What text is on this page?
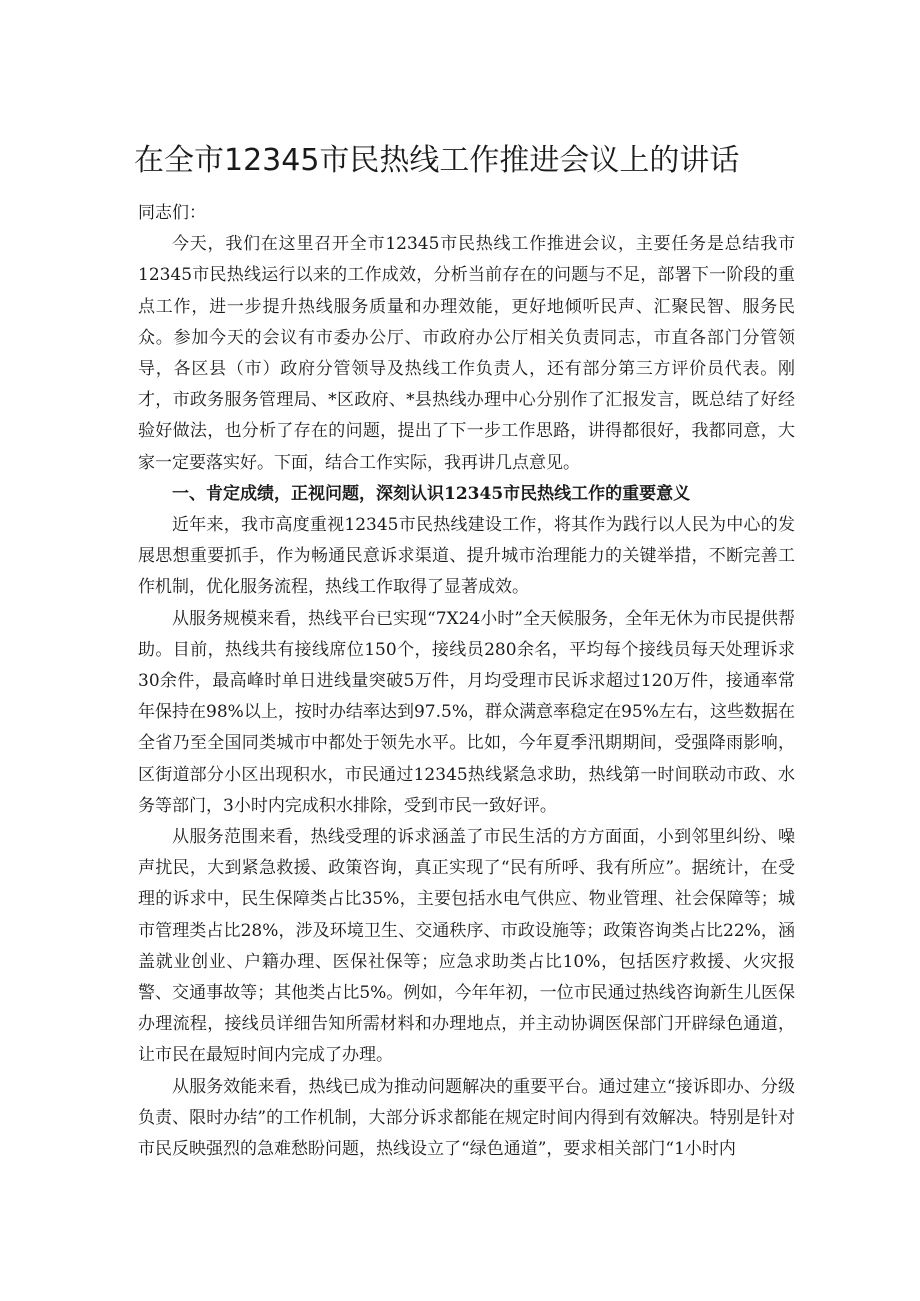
在全市12345市民热线工作推进会议上的讲话

同志们：

今天，我们在这里召开全市12345市民热线工作推进会议，主要任务是总结我市12345市民热线运行以来的工作成效，分析当前存在的问题与不足，部署下一阶段的重点工作，进一步提升热线服务质量和办理效能，更好地倾听民声、汇聚民智、服务民众。参加今天的会议有市委办公厅、市政府办公厅相关负责同志，市直各部门分管领导，各区县（市）政府分管领导及热线工作负责人，还有部分第三方评价员代表。刚才，市政务服务管理局、*区政府、*县热线办理中心分别作了汇报发言，既总结了好经验好做法，也分析了存在的问题，提出了下一步工作思路，讲得都很好，我都同意，大家一定要落实好。下面，结合工作实际，我再讲几点意见。

一、肯定成绩，正视问题，深刻认识12345市民热线工作的重要意义

近年来，我市高度重视12345市民热线建设工作，将其作为践行以人民为中心的发展思想重要抓手，作为畅通民意诉求渠道、提升城市治理能力的关键举措，不断完善工作机制，优化服务流程，热线工作取得了显著成效。

从服务规模来看，热线平台已实现“7X24小时”全天候服务，全年无休为市民提供帮助。目前，热线共有接线席位150个，接线员280余名，平均每个接线员每天处理诉求30余件，最高峰时单日进线量突破5万件，月均受理市民诉求超过120万件，接通率常年保持在98%以上，按时办结率达到97.5%，群众满意率稳定在95%左右，这些数据在全省乃至全国同类城市中都处于领先水平。比如，今年夏季汛期期间，受强降雨影响，区街道部分小区出现积水，市民通过12345热线紧急求助，热线第一时间联动市政、水务等部门，3小时内完成积水排除，受到市民一致好评。

从服务范围来看，热线受理的诉求涵盖了市民生活的方方面面，小到邻里纠纷、噪声扰民，大到紧急救援、政策咨询，真正实现了“民有所呼、我有所应”。据统计，在受理的诉求中，民生保障类占比35%，主要包括水电气供应、物业管理、社会保障等；城市管理类占比28%，涉及环境卫生、交通秩序、市政设施等；政策咨询类占比22%，涵盖就业创业、户籍办理、医保社保等；应急求助类占比10%，包括医疗救援、火灾报警、交通事故等；其他类占比5%。例如，今年年初，一位市民通过热线咨询新生儿医保办理流程，接线员详细告知所需材料和办理地点，并主动协调医保部门开辟绿色通道，让市民在最短时间内完成了办理。

从服务效能来看，热线已成为推动问题解决的重要平台。通过建立“接诉即办、分级负责、限时办结”的工作机制，大部分诉求都能在规定时间内得到有效解决。特别是针对市民反映强烈的急难愁盼问题，热线设立了“绿色通道”，要求相关部门“1小时内
